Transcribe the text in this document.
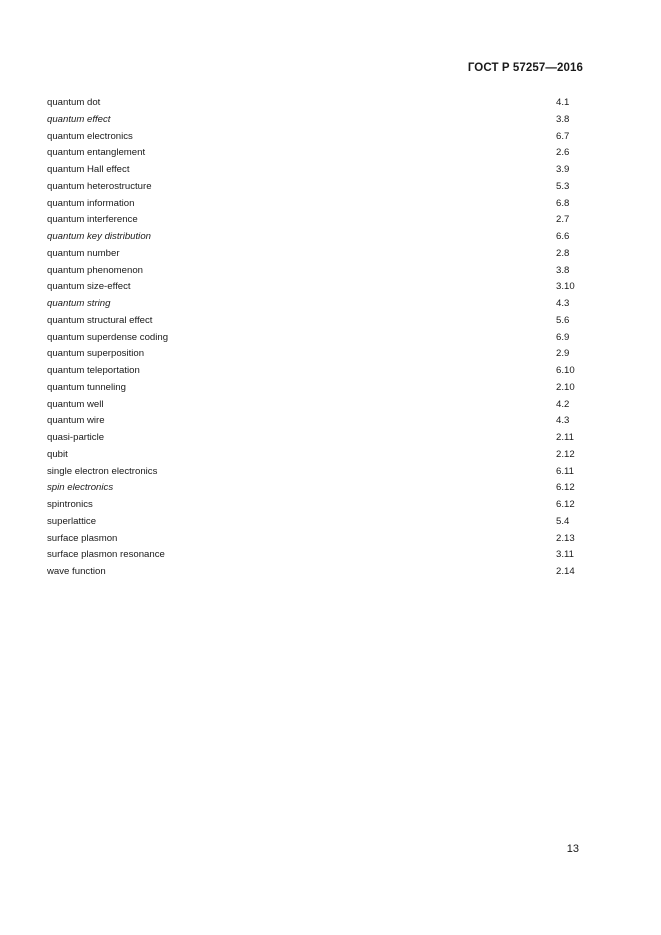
ГОСТ Р 57257—2016
quantum dot	4.1
quantum effect	3.8
quantum electronics	6.7
quantum entanglement	2.6
quantum Hall effect	3.9
quantum heterostructure	5.3
quantum information	6.8
quantum interference	2.7
quantum key distribution	6.6
quantum number	2.8
quantum phenomenon	3.8
quantum size-effect	3.10
quantum string	4.3
quantum structural effect	5.6
quantum superdense coding	6.9
quantum superposition	2.9
quantum teleportation	6.10
quantum tunneling	2.10
quantum well	4.2
quantum wire	4.3
quasi-particle	2.11
qubit	2.12
single electron electronics	6.11
spin electronics	6.12
spintronics	6.12
superlattice	5.4
surface plasmon	2.13
surface plasmon resonance	3.11
wave function	2.14
13
